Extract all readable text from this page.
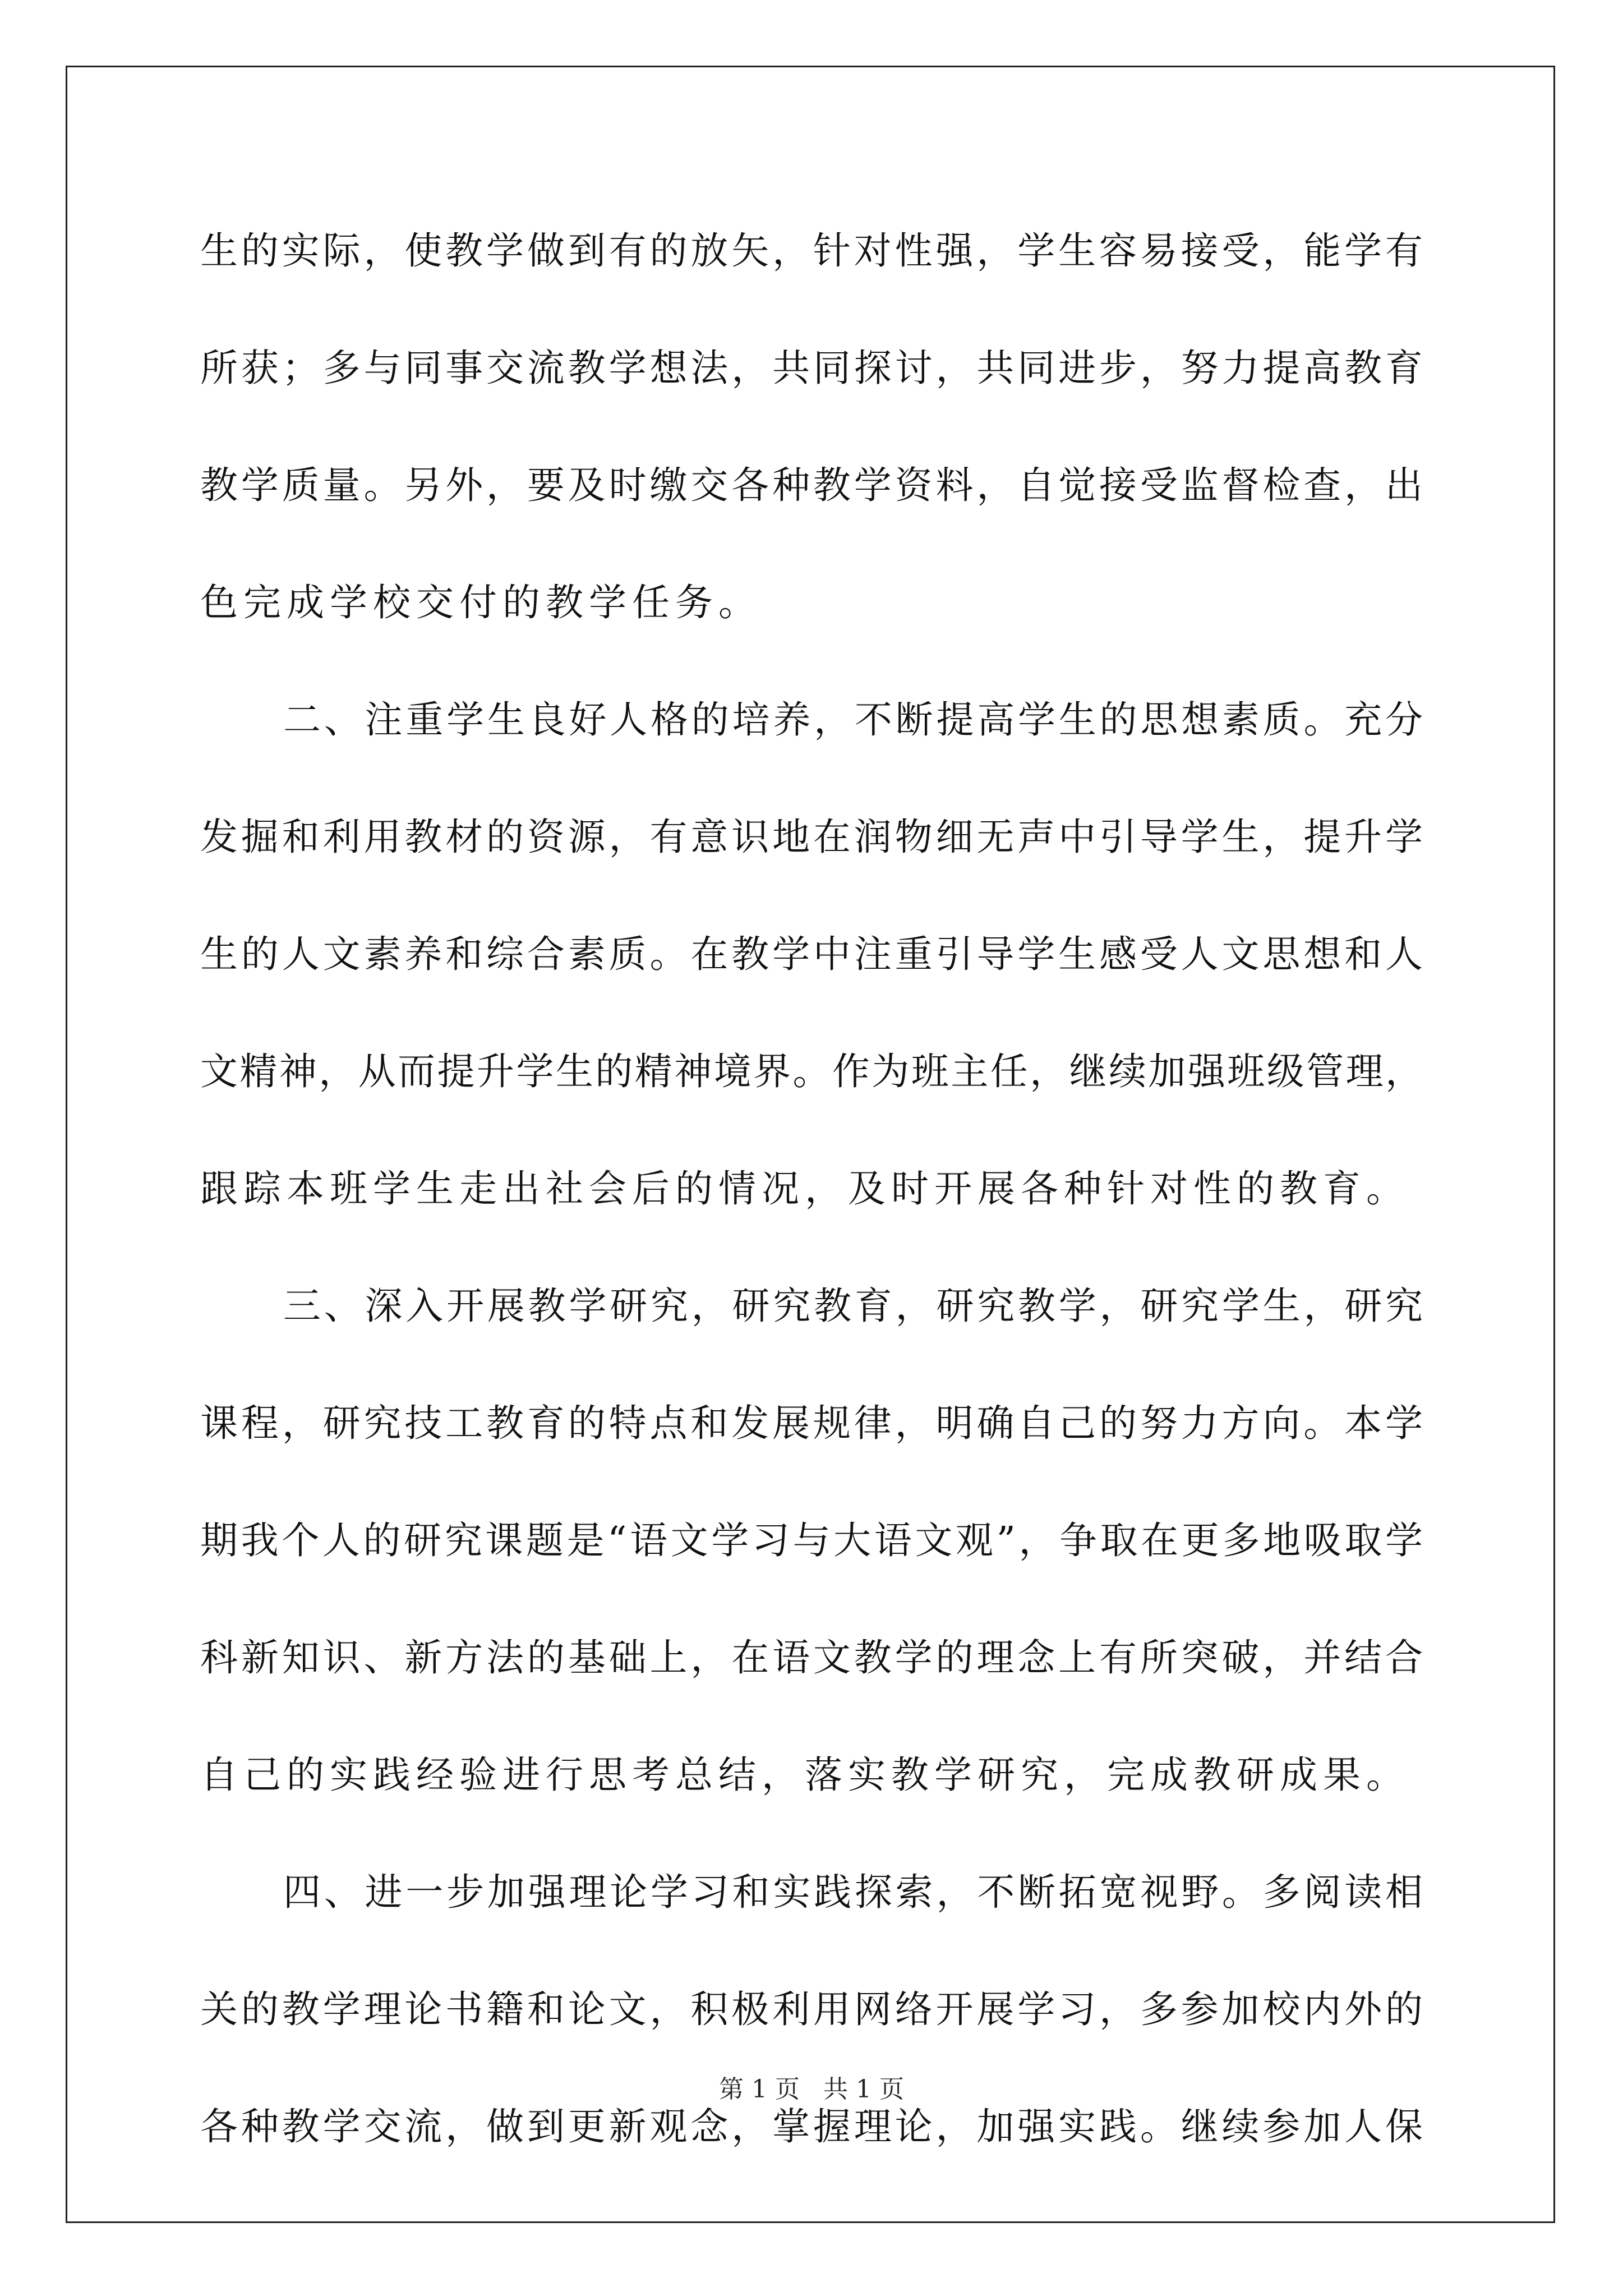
生的实际，使教学做到有的放矢，针对性强，学生容易接受，能学有
所获；多与同事交流教学想法，共同探讨，共同进步，努力提高教育
教学质量。另外，要及时缴交各种教学资料，自觉接受监督检查，出
色完成学校交付的教学任务。
二、注重学生良好人格的培养，不断提高学生的思想素质。充分
发掘和利用教材的资源，有意识地在润物细无声中引导学生，提升学
生的人文素养和综合素质。在教学中注重引导学生感受人文思想和人
文精神，从而提升学生的精神境界。作为班主任，继续加强班级管理，
跟踪本班学生走出社会后的情况，及时开展各种针对性的教育。
三、深入开展教学研究，研究教育，研究教学，研究学生，研究
课程，研究技工教育的特点和发展规律，明确自己的努力方向。本学
期我个人的研究课题是“语文学习与大语文观”，争取在更多地吸取学
科新知识、新方法的基础上，在语文教学的理念上有所突破，并结合
自己的实践经验进行思考总结，落实教学研究，完成教研成果。
四、进一步加强理论学习和实践探索，不断拓宽视野。多阅读相
关的教学理论书籍和论文，积极利用网络开展学习，多参加校内外的
各种教学交流，做到更新观念，掌握理论，加强实践。继续参加人保
第 1 页 共 1 页
